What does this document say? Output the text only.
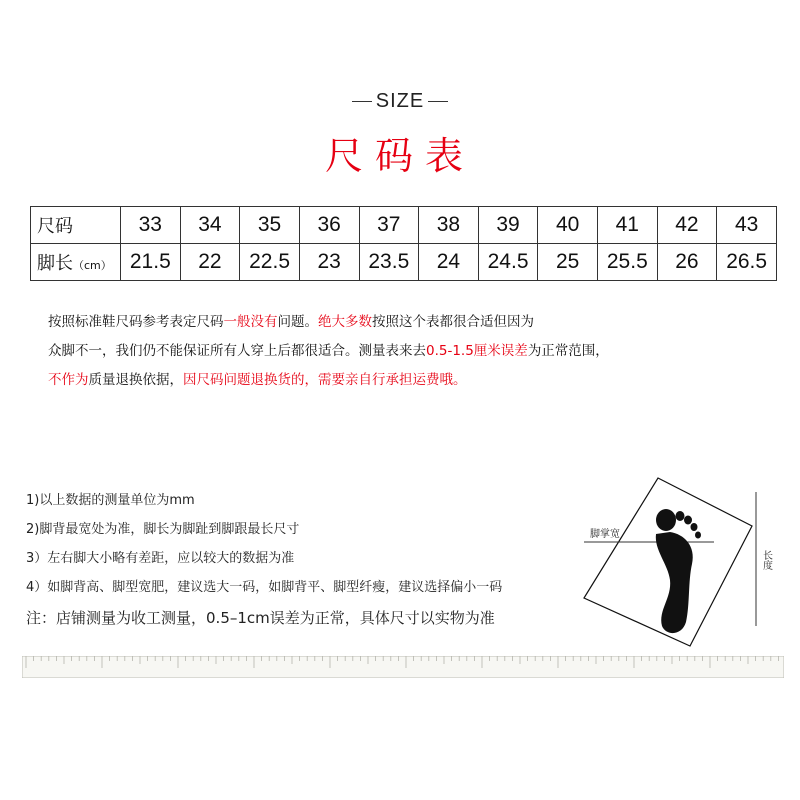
SIZE
尺码表
尺码	33	34	35	36	37	38	39	40	41	42	43
脚长（cm）	21.5	22	22.5	23	23.5	24	24.5	25	25.5	26	26.5
按照标准鞋尺码参考表定尺码一般没有问题。绝大多数按照这个表都很合适但因为
众脚不一，我们仍不能保证所有人穿上后都很适合。测量表来去0.5-1.5厘米误差为正常范围，
不作为质量退换依据，因尺码问题退换货的，需要亲自行承担运费哦。
1)以上数据的测量单位为mm
2)脚背最宽处为准，脚长为脚趾到脚跟最长尺寸
3）左右脚大小略有差距，应以较大的数据为准
4）如脚背高、脚型宽肥，建议选大一码，如脚背平、脚型纤瘦，建议选择偏小一码
注：店铺测量为收工测量，0.5–1cm误差为正常，具体尺寸以实物为准
脚掌宽
长度
